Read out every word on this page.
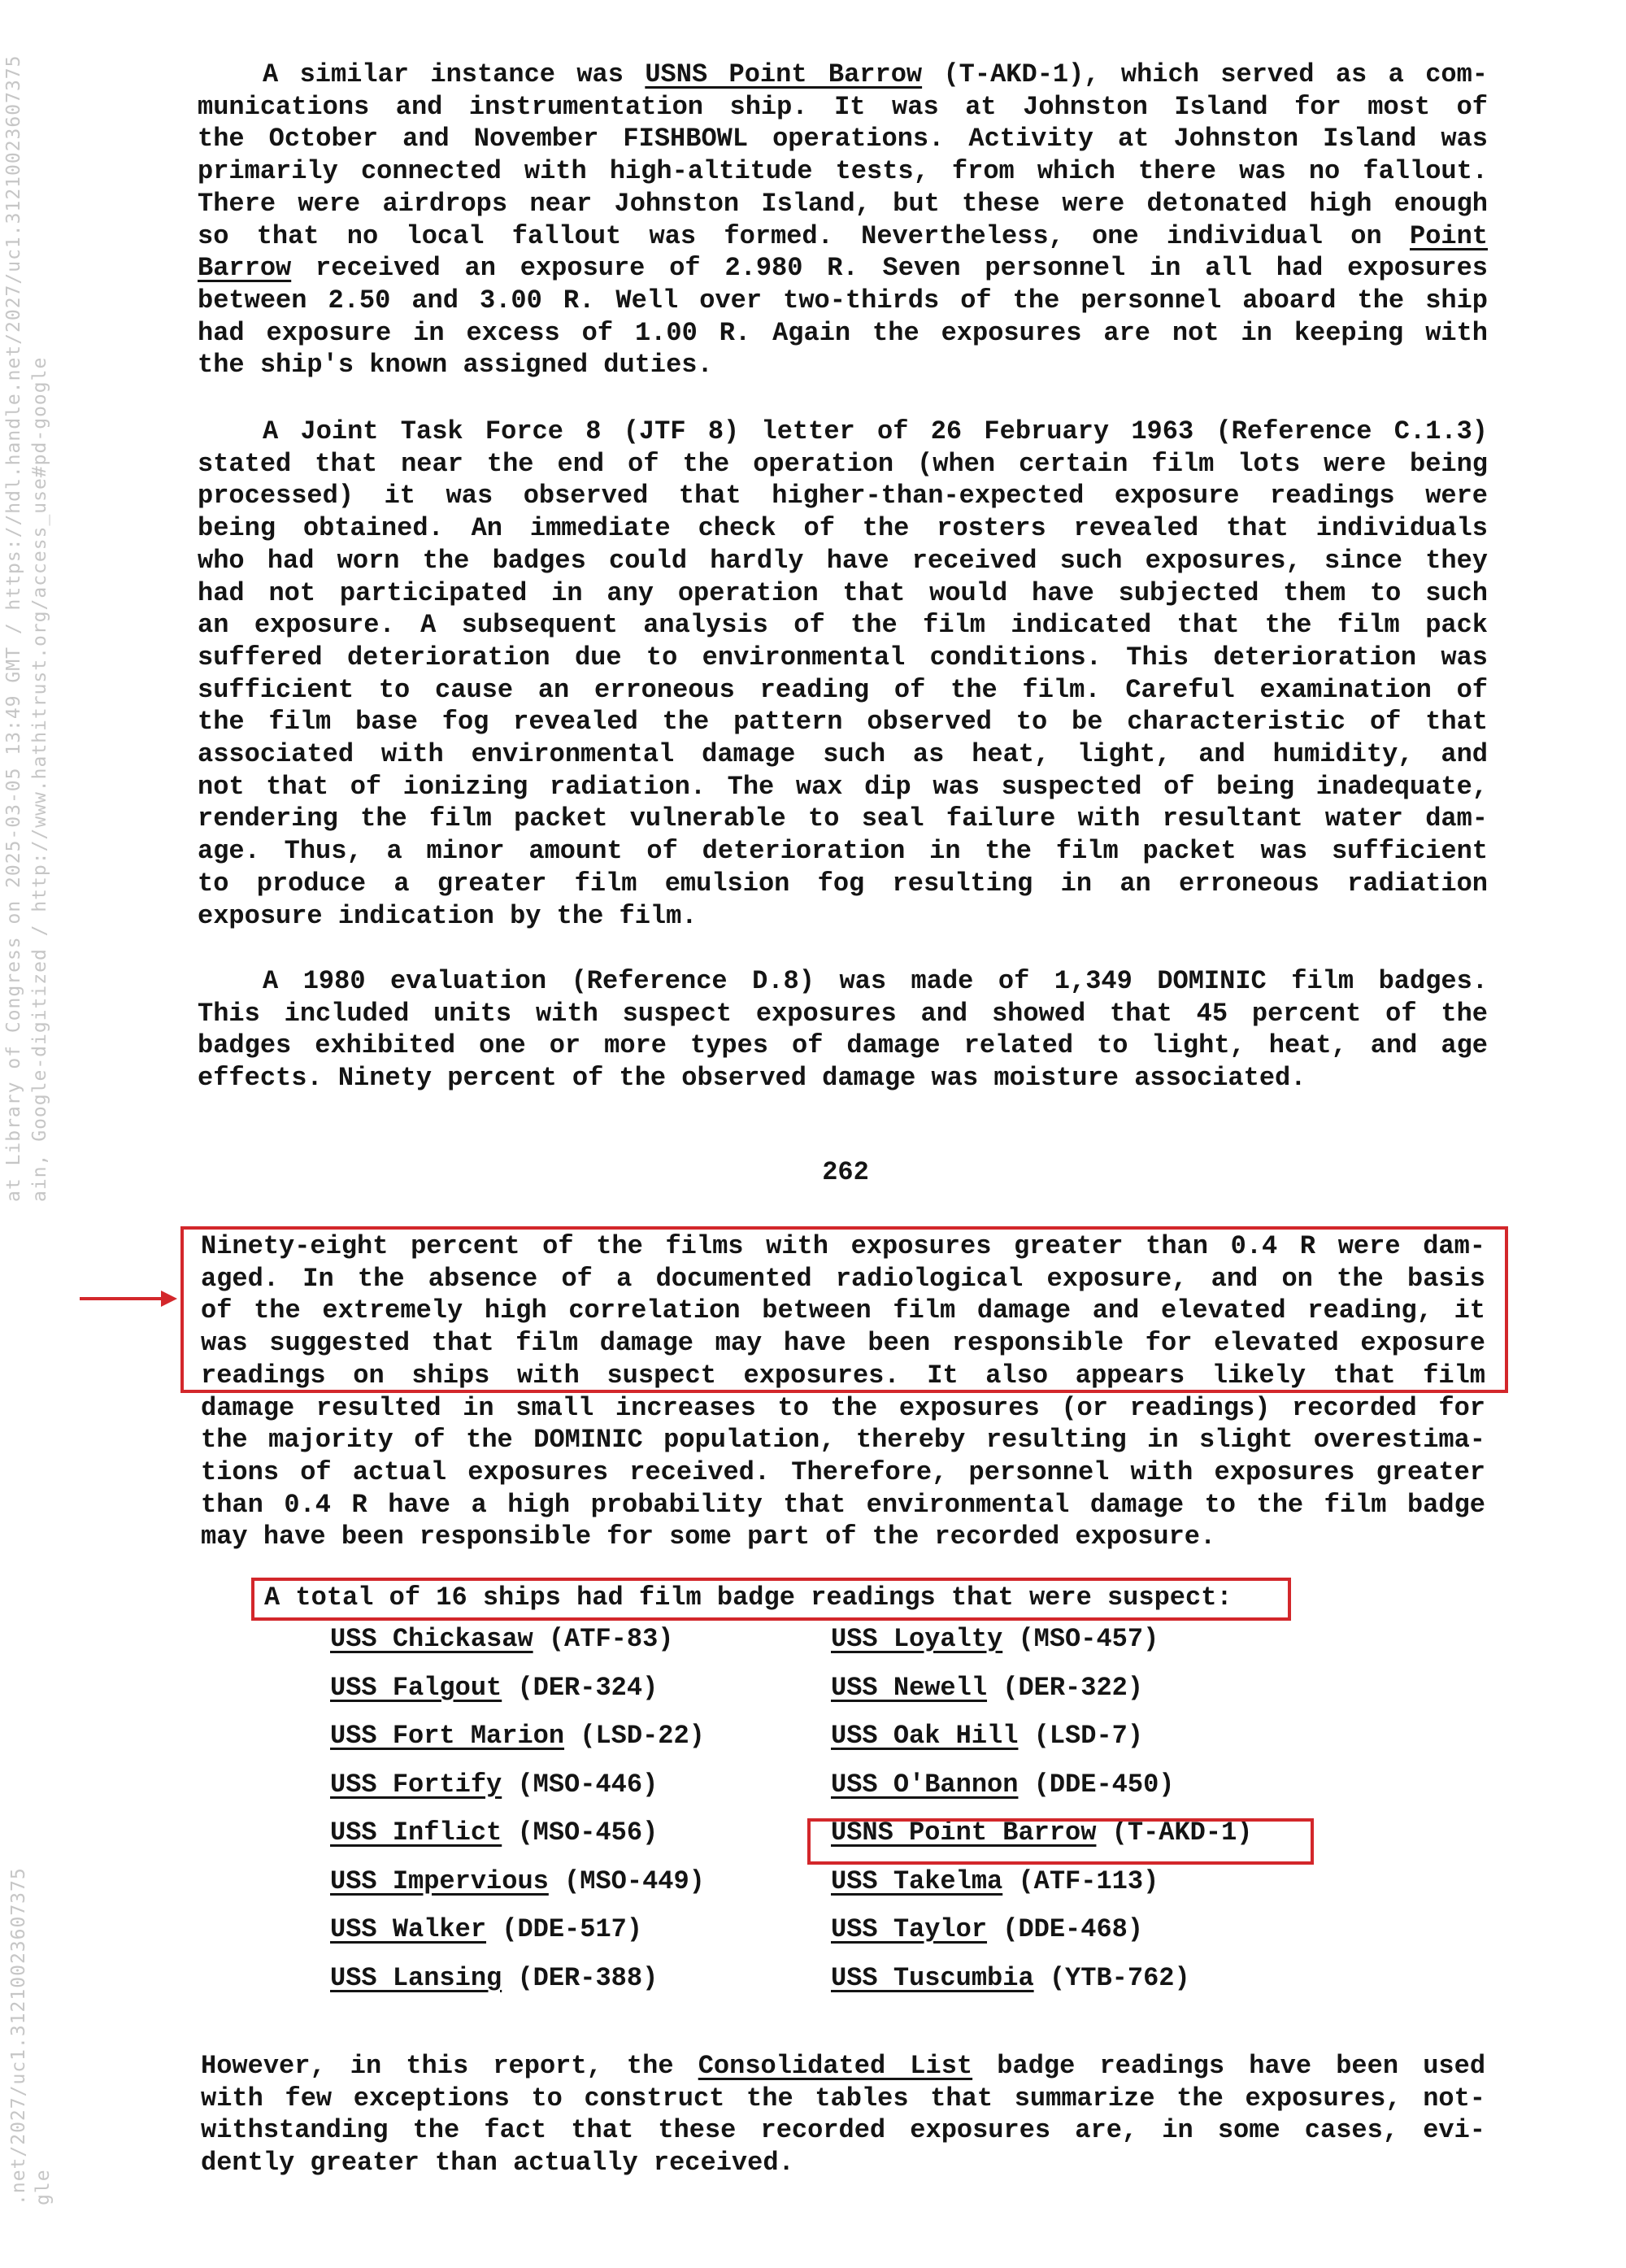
at Library of Congress on 2025-03-05 13:49 GMT / https://hdl.handle.net/2027/uc1.31210023607375 ain, Google-digitized / http://www.hathitrust.org/access_use#pd-google
.net/2027/uc1.31210023607375 gle
A similar instance was USNS Point Barrow (T-AKD-1), which served as a com-
munications and instrumentation ship. It was at Johnston Island for most of
the October and November FISHBOWL operations. Activity at Johnston Island was
primarily connected with high-altitude tests, from which there was no fallout.
There were airdrops near Johnston Island, but these were detonated high enough
so that no local fallout was formed. Nevertheless, one individual on Point
Barrow received an exposure of 2.980 R. Seven personnel in all had exposures
between 2.50 and 3.00 R. Well over two-thirds of the personnel aboard the ship
had exposure in excess of 1.00 R. Again the exposures are not in keeping with
the ship's known assigned duties.
A Joint Task Force 8 (JTF 8) letter of 26 February 1963 (Reference C.1.3)
stated that near the end of the operation (when certain film lots were being
processed) it was observed that higher-than-expected exposure readings were
being obtained. An immediate check of the rosters revealed that individuals
who had worn the badges could hardly have received such exposures, since they
had not participated in any operation that would have subjected them to such
an exposure. A subsequent analysis of the film indicated that the film pack
suffered deterioration due to environmental conditions. This deterioration was
sufficient to cause an erroneous reading of the film. Careful examination of
the film base fog revealed the pattern observed to be characteristic of that
associated with environmental damage such as heat, light, and humidity, and
not that of ionizing radiation. The wax dip was suspected of being inadequate,
rendering the film packet vulnerable to seal failure with resultant water dam-
age. Thus, a minor amount of deterioration in the film packet was sufficient
to produce a greater film emulsion fog resulting in an erroneous radiation
exposure indication by the film.
A 1980 evaluation (Reference D.8) was made of 1,349 DOMINIC film badges.
This included units with suspect exposures and showed that 45 percent of the
badges exhibited one or more types of damage related to light, heat, and age
effects. Ninety percent of the observed damage was moisture associated.
262
Ninety-eight percent of the films with exposures greater than 0.4 R were dam-
aged. In the absence of a documented radiological exposure, and on the basis
of the extremely high correlation between film damage and elevated reading, it
was suggested that film damage may have been responsible for elevated exposure
readings on ships with suspect exposures. It also appears likely that film
damage resulted in small increases to the exposures (or readings) recorded for
the majority of the DOMINIC population, thereby resulting in slight overestima-
tions of actual exposures received. Therefore, personnel with exposures greater
than 0.4 R have a high probability that environmental damage to the film badge
may have been responsible for some part of the recorded exposure.
A total of 16 ships had film badge readings that were suspect:
USS Chickasaw (ATF-83)
USS Falgout (DER-324)
USS Fort Marion (LSD-22)
USS Fortify (MSO-446)
USS Inflict (MSO-456)
USS Impervious (MSO-449)
USS Walker (DDE-517)
USS Lansing (DER-388)
USS Loyalty (MSO-457)
USS Newell (DER-322)
USS Oak Hill (LSD-7)
USS O'Bannon (DDE-450)
USNS Point Barrow (T-AKD-1)
USS Takelma (ATF-113)
USS Taylor (DDE-468)
USS Tuscumbia (YTB-762)
However, in this report, the Consolidated List badge readings have been used
with few exceptions to construct the tables that summarize the exposures, not-
withstanding the fact that these recorded exposures are, in some cases, evi-
dently greater than actually received.
